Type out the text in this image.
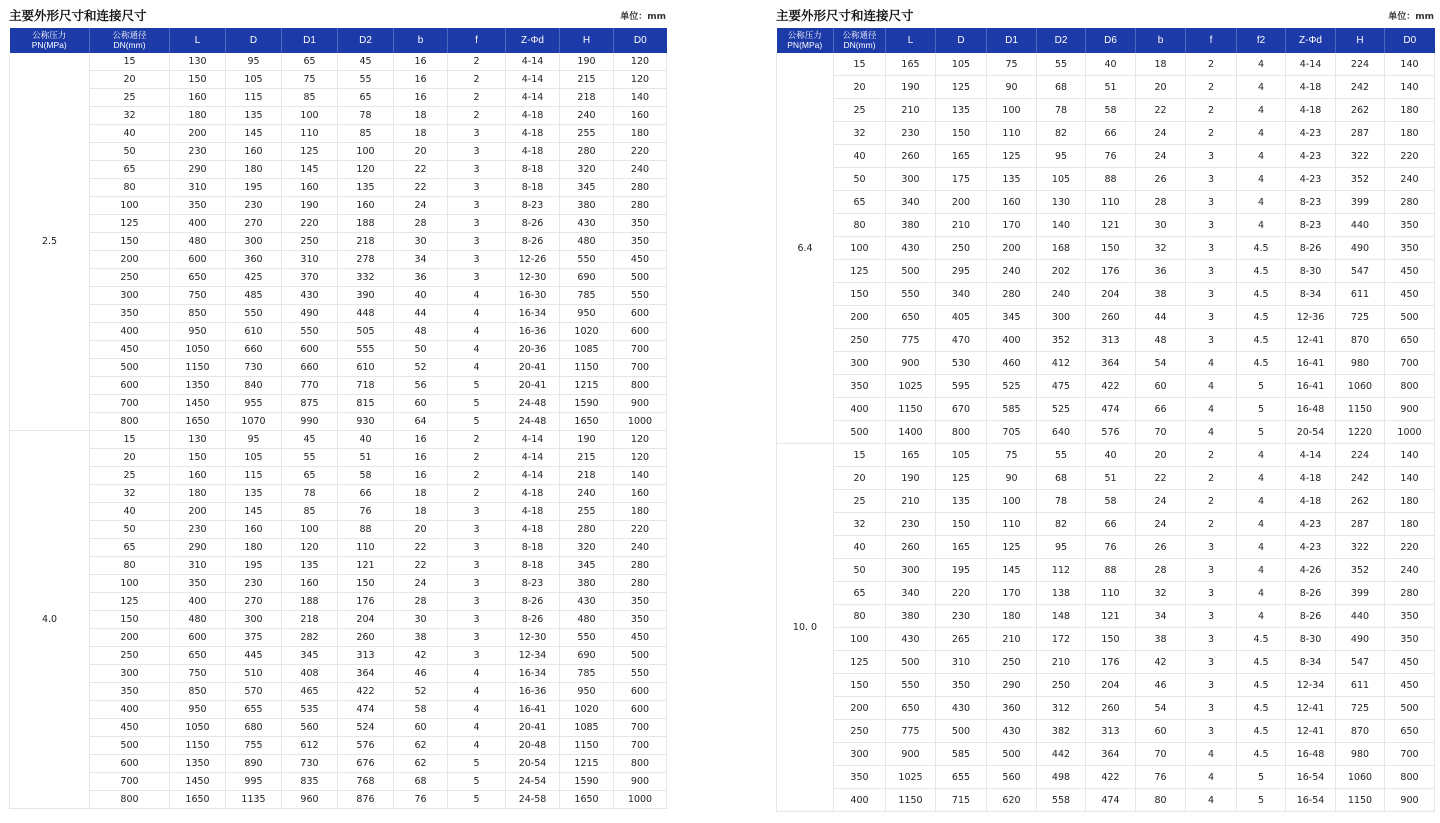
主要外形尺寸和连接尺寸	单位：mm
公称压力
PN(MPa)	公称通径
DN(mm)	L	D	D1	D2	b	f	Z-Φd	H	D0
2.5	15	130	95	65	45	16	2	4-14	190	120
	20	150	105	75	55	16	2	4-14	215	120
	25	160	115	85	65	16	2	4-14	218	140
	32	180	135	100	78	18	2	4-18	240	160
	40	200	145	110	85	18	3	4-18	255	180
	50	230	160	125	100	20	3	4-18	280	220
	65	290	180	145	120	22	3	8-18	320	240
	80	310	195	160	135	22	3	8-18	345	280
	100	350	230	190	160	24	3	8-23	380	280
	125	400	270	220	188	28	3	8-26	430	350
	150	480	300	250	218	30	3	8-26	480	350
	200	600	360	310	278	34	3	12-26	550	450
	250	650	425	370	332	36	3	12-30	690	500
	300	750	485	430	390	40	4	16-30	785	550
	350	850	550	490	448	44	4	16-34	950	600
	400	950	610	550	505	48	4	16-36	1020	600
	450	1050	660	600	555	50	4	20-36	1085	700
	500	1150	730	660	610	52	4	20-41	1150	700
	600	1350	840	770	718	56	5	20-41	1215	800
	700	1450	955	875	815	60	5	24-48	1590	900
	800	1650	1070	990	930	64	5	24-48	1650	1000
4.0	15	130	95	45	40	16	2	4-14	190	120
	20	150	105	55	51	16	2	4-14	215	120
	25	160	115	65	58	16	2	4-14	218	140
	32	180	135	78	66	18	2	4-18	240	160
	40	200	145	85	76	18	3	4-18	255	180
	50	230	160	100	88	20	3	4-18	280	220
	65	290	180	120	110	22	3	8-18	320	240
	80	310	195	135	121	22	3	8-18	345	280
	100	350	230	160	150	24	3	8-23	380	280
	125	400	270	188	176	28	3	8-26	430	350
	150	480	300	218	204	30	3	8-26	480	350
	200	600	375	282	260	38	3	12-30	550	450
	250	650	445	345	313	42	3	12-34	690	500
	300	750	510	408	364	46	4	16-34	785	550
	350	850	570	465	422	52	4	16-36	950	600
	400	950	655	535	474	58	4	16-41	1020	600
	450	1050	680	560	524	60	4	20-41	1085	700
	500	1150	755	612	576	62	4	20-48	1150	700
	600	1350	890	730	676	62	5	20-54	1215	800
	700	1450	995	835	768	68	5	24-54	1590	900
	800	1650	1135	960	876	76	5	24-58	1650	1000
主要外形尺寸和连接尺寸	单位：mm
公称压力
PN(MPa)	公称通径
DN(mm)	L	D	D1	D2	D6	b	f	f2	Z-Φd	H	D0
6.4	15	165	105	75	55	40	18	2	4	4-14	224	140
	20	190	125	90	68	51	20	2	4	4-18	242	140
	25	210	135	100	78	58	22	2	4	4-18	262	180
	32	230	150	110	82	66	24	2	4	4-23	287	180
	40	260	165	125	95	76	24	3	4	4-23	322	220
	50	300	175	135	105	88	26	3	4	4-23	352	240
	65	340	200	160	130	110	28	3	4	8-23	399	280
	80	380	210	170	140	121	30	3	4	8-23	440	350
	100	430	250	200	168	150	32	3	4.5	8-26	490	350
	125	500	295	240	202	176	36	3	4.5	8-30	547	450
	150	550	340	280	240	204	38	3	4.5	8-34	611	450
	200	650	405	345	300	260	44	3	4.5	12-36	725	500
	250	775	470	400	352	313	48	3	4.5	12-41	870	650
	300	900	530	460	412	364	54	4	4.5	16-41	980	700
	350	1025	595	525	475	422	60	4	5	16-41	1060	800
	400	1150	670	585	525	474	66	4	5	16-48	1150	900
	500	1400	800	705	640	576	70	4	5	20-54	1220	1000
10. 0	15	165	105	75	55	40	20	2	4	4-14	224	140
	20	190	125	90	68	51	22	2	4	4-18	242	140
	25	210	135	100	78	58	24	2	4	4-18	262	180
	32	230	150	110	82	66	24	2	4	4-23	287	180
	40	260	165	125	95	76	26	3	4	4-23	322	220
	50	300	195	145	112	88	28	3	4	4-26	352	240
	65	340	220	170	138	110	32	3	4	8-26	399	280
	80	380	230	180	148	121	34	3	4	8-26	440	350
	100	430	265	210	172	150	38	3	4.5	8-30	490	350
	125	500	310	250	210	176	42	3	4.5	8-34	547	450
	150	550	350	290	250	204	46	3	4.5	12-34	611	450
	200	650	430	360	312	260	54	3	4.5	12-41	725	500
	250	775	500	430	382	313	60	3	4.5	12-41	870	650
	300	900	585	500	442	364	70	4	4.5	16-48	980	700
	350	1025	655	560	498	422	76	4	5	16-54	1060	800
	400	1150	715	620	558	474	80	4	5	16-54	1150	900
